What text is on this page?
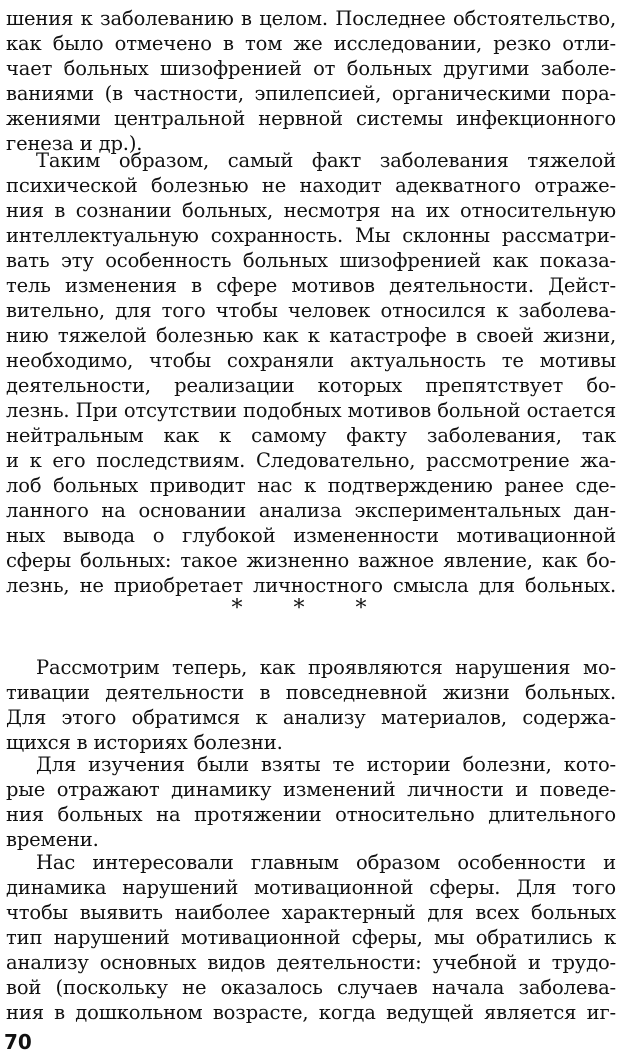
шения к заболеванию в целом. Последнее обстоятельство,
как было отмечено в том же исследовании, резко отли-
чает больных шизофренией от больных другими заболе-
ваниями (в частности, эпилепсией, органическими пора-
жениями центральной нервной системы инфекционного
генеза и др.).
Таким образом, самый факт заболевания тяжелой
психической болезнью не находит адекватного отраже-
ния в сознании больных, несмотря на их относительную
интеллектуальную сохранность. Мы склонны рассматри-
вать эту особенность больных шизофренией как показа-
тель изменения в сфере мотивов деятельности. Дейст-
вительно, для того чтобы человек относился к заболева-
нию тяжелой болезнью как к катастрофе в своей жизни,
необходимо, чтобы сохраняли актуальность те мотивы
деятельности, реализации которых препятствует бо-
лезнь. При отсутствии подобных мотивов больной остается
нейтральным как к самому факту заболевания, так
и к его последствиям. Следовательно, рассмотрение жа-
лоб больных приводит нас к подтверждению ранее сде-
ланного на основании анализа экспериментальных дан-
ных вывода о глубокой измененности мотивационной
сферы больных: такое жизненно важное явление, как бо-
лезнь, не приобретает личностного смысла для больных.
* * *
Рассмотрим теперь, как проявляются нарушения мо-
тивации деятельности в повседневной жизни больных.
Для этого обратимся к анализу материалов, содержа-
щихся в историях болезни.
Для изучения были взяты те истории болезни, кото-
рые отражают динамику изменений личности и поведе-
ния больных на протяжении относительно длительного
времени.
Нас интересовали главным образом особенности и
динамика нарушений мотивационной сферы. Для того
чтобы выявить наиболее характерный для всех больных
тип нарушений мотивационной сферы, мы обратились к
анализу основных видов деятельности: учебной и трудо-
вой (поскольку не оказалось случаев начала заболева-
ния в дошкольном возрасте, когда ведущей является иг-
70
